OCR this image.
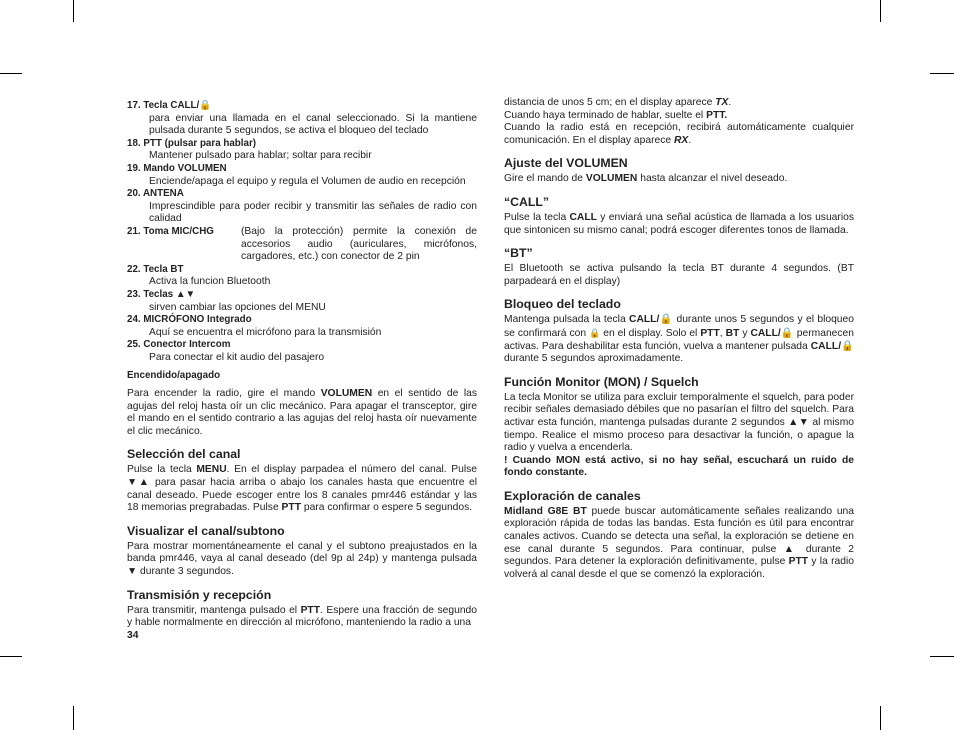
17. Tecla CALL/🔒

para enviar una llamada en el canal seleccionado. Si la mantiene pulsada durante 5 segundos, se activa el bloqueo del teclado

18. PTT (pulsar para hablar)

Mantener pulsado para hablar; soltar para recibir

19. Mando VOLUMEN

Enciende/apaga el equipo y regula el Volumen de audio en recepción

20. ANTENA

Imprescindible para poder recibir y transmitir las señales de radio con calidad

21. Toma MIC/CHG	(Bajo la protección) permite la conexión de accesorios audio (auriculares, micrófonos, cargadores, etc.) con conector de 2 pin

22. Tecla BT

Activa la funcion Bluetooth

23. Teclas ▲▼

sirven cambiar las opciones del MENU

24. MICRÓFONO Integrado

Aquí se encuentra el micrófono para la transmisión

25. Conector Intercom

Para conectar el kit audio del pasajero

Encendido/apagado

Para encender la radio, gire el mando VOLUMEN en el sentido de las agujas del reloj hasta oír un clic mecánico. Para apagar el transceptor, gire el mando en el sentido contrario a las agujas del reloj hasta oír nuevamente el clic mecánico.

Selección del canal

Pulse la tecla MENU. En el display parpadea el número del canal. Pulse ▼▲ para pasar hacia arriba o abajo los canales hasta que encuentre el canal deseado. Puede escoger entre los 8 canales pmr446 estándar y las 18 memorias pregrabadas. Pulse PTT para confirmar o espere 5 segundos.

Visualizar el canal/subtono

Para mostrar momentáneamente el canal y el subtono preajustados en la banda pmr446, vaya al canal deseado (del 9p al 24p) y mantenga pulsada ▼ durante 3 segundos.

Transmisión y recepción

Para transmitir, mantenga pulsado el PTT. Espere una fracción de segundo y hable normalmente en dirección al micrófono, manteniendo la radio a una

34

distancia de unos 5 cm; en el display aparece TX.

Cuando haya terminado de hablar, suelte el PTT.

Cuando la radio está en recepción, recibirá automáticamente cualquier comunicación. En el display aparece RX.

Ajuste del VOLUMEN

Gire el mando de VOLUMEN hasta alcanzar el nivel deseado.

“CALL”

Pulse la tecla CALL y enviará una señal acústica de llamada a los usuarios que sintonicen su mismo canal; podrá escoger diferentes tonos de llamada.

“BT”

El Bluetooth se activa pulsando la tecla BT durante 4 segundos. (BT parpadeará en el display)

Bloqueo del teclado

Mantenga pulsada la tecla CALL/🔒 durante unos 5 segundos y el bloqueo se confirmará con 🔒 en el display. Solo el PTT, BT y CALL/🔒 permanecen activas. Para deshabilitar esta función, vuelva a mantener pulsada CALL/🔒 durante 5 segundos aproximadamente.

Función Monitor (MON) / Squelch

La tecla Monitor se utiliza para excluir temporalmente el squelch, para poder recibir señales demasiado débiles que no pasarían el filtro del squelch. Para activar esta función, mantenga pulsadas durante 2 segundos ▲▼ al mismo tiempo. Realice el mismo proceso para desactivar la función, o apague la radio y vuelva a encenderla.

! Cuando MON está activo, si no hay señal, escuchará un ruido de fondo constante.

Exploración de canales

Midland G8E BT puede buscar automáticamente señales realizando una exploración rápida de todas las bandas. Esta función es útil para encontrar canales activos. Cuando se detecta una señal, la exploración se detiene en ese canal durante 5 segundos. Para continuar, pulse ▲ durante 2 segundos. Para detener la exploración definitivamente, pulse PTT y la radio volverá al canal desde el que se comenzó la exploración.
